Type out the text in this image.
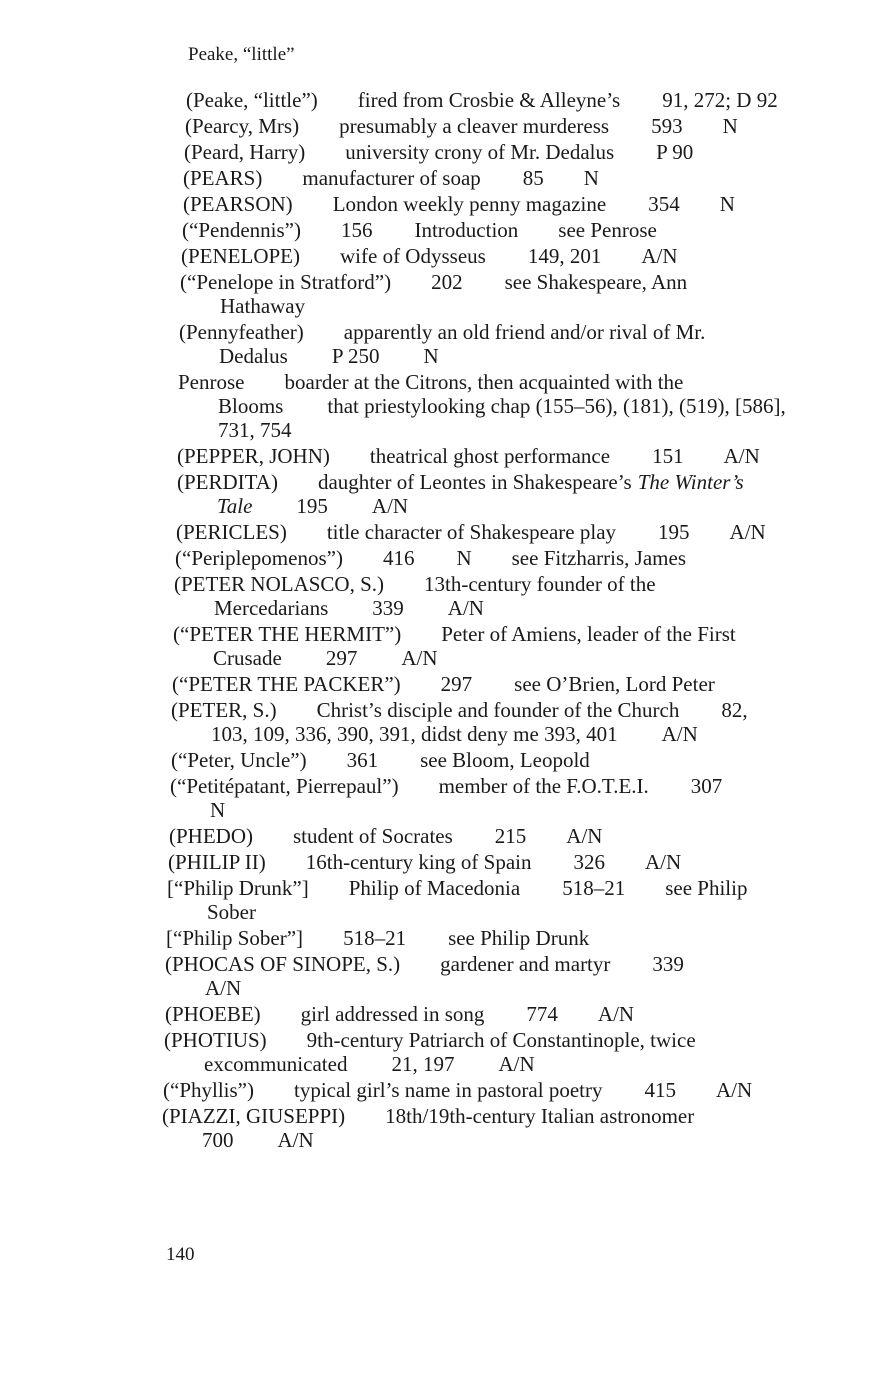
Peake, “little”
(Peake, “little”) fired from Crosbie & Alleyne’s 91, 272; D 92
(Pearcy, Mrs) presumably a cleaver murderess 593 N
(Peard, Harry) university crony of Mr. Dedalus P 90
(PEARS) manufacturer of soap 85 N
(PEARSON) London weekly penny magazine 354 N
(“Pendennis”) 156 Introduction see Penrose
(PENELOPE) wife of Odysseus 149, 201 A/N
(“Penelope in Stratford”) 202 see Shakespeare, Ann
Hathaway
(Pennyfeather) apparently an old friend and/or rival of Mr.
Dedalus P 250 N
Penrose boarder at the Citrons, then acquainted with the
Blooms that priestylooking chap (155–56), (181), (519), [586],
731, 754
(PEPPER, JOHN) theatrical ghost performance 151 A/N
(PERDITA) daughter of Leontes in Shakespeare’s The Winter’s
Tale 195 A/N
(PERICLES) title character of Shakespeare play 195 A/N
(“Periplepomenos”) 416 N see Fitzharris, James
(PETER NOLASCO, S.) 13th-century founder of the
Mercedarians 339 A/N
(“PETER THE HERMIT”) Peter of Amiens, leader of the First
Crusade 297 A/N
(“PETER THE PACKER”) 297 see O’Brien, Lord Peter
(PETER, S.) Christ’s disciple and founder of the Church 82,
103, 109, 336, 390, 391, didst deny me 393, 401 A/N
(“Peter, Uncle”) 361 see Bloom, Leopold
(“Petitépatant, Pierrepaul”) member of the F.O.T.E.I. 307
N
(PHEDO) student of Socrates 215 A/N
(PHILIP II) 16th-century king of Spain 326 A/N
[“Philip Drunk”] Philip of Macedonia 518–21 see Philip
Sober
[“Philip Sober”] 518–21 see Philip Drunk
(PHOCAS OF SINOPE, S.) gardener and martyr 339
A/N
(PHOEBE) girl addressed in song 774 A/N
(PHOTIUS) 9th-century Patriarch of Constantinople, twice
excommunicated 21, 197 A/N
(“Phyllis”) typical girl’s name in pastoral poetry 415 A/N
(PIAZZI, GIUSEPPI) 18th/19th-century Italian astronomer
700 A/N
140
